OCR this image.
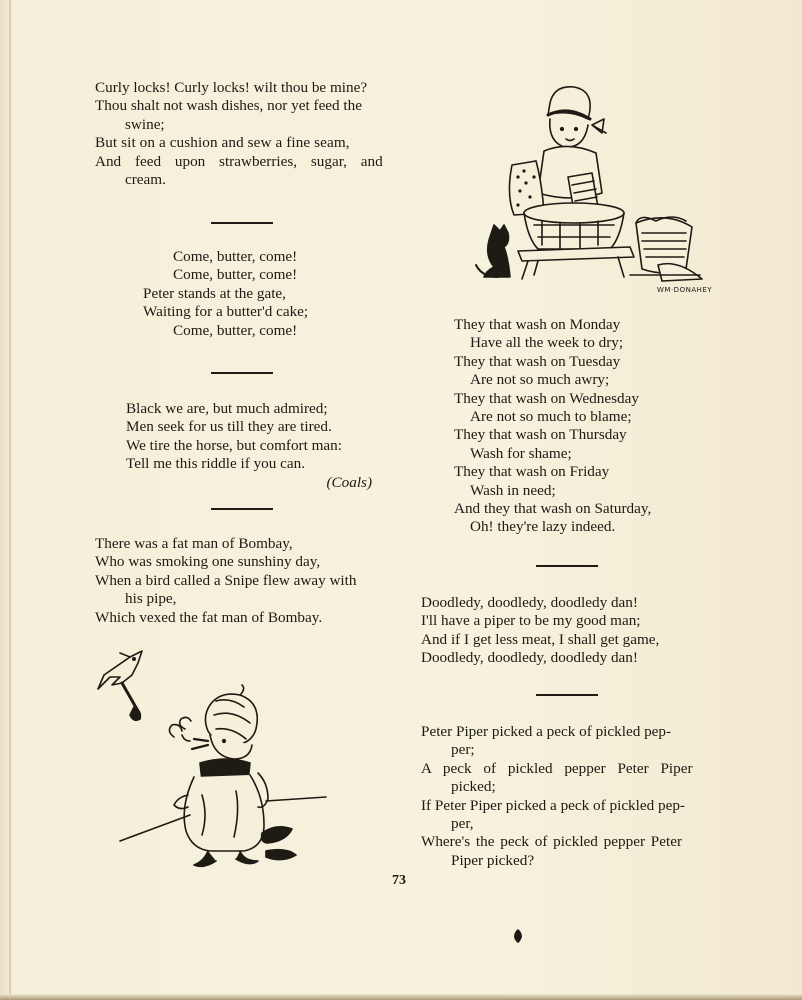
Curly locks! Curly locks! wilt thou be mine?
Thou shalt not wash dishes, nor yet feed the
swine;
But sit on a cushion and sew a fine seam,
And feed upon strawberries, sugar, and
cream.
Come, butter, come!
Come, butter, come!
Peter stands at the gate,
Waiting for a butter'd cake;
Come, butter, come!
Black we are, but much admired;
Men seek for us till they are tired.
We tire the horse, but comfort man:
Tell me this riddle if you can.
(Coals)
There was a fat man of Bombay,
Who was smoking one sunshiny day,
When a bird called a Snipe flew away with
his pipe,
Which vexed the fat man of Bombay.
WM·DONAHEY
They that wash on Monday
Have all the week to dry;
They that wash on Tuesday
Are not so much awry;
They that wash on Wednesday
Are not so much to blame;
They that wash on Thursday
Wash for shame;
They that wash on Friday
Wash in need;
And they that wash on Saturday,
Oh! they're lazy indeed.
Doodledy, doodledy, doodledy dan!
I'll have a piper to be my good man;
And if I get less meat, I shall get game,
Doodledy, doodledy, doodledy dan!
Peter Piper picked a peck of pickled pep-
per;
A peck of pickled pepper Peter Piper
picked;
If Peter Piper picked a peck of pickled pep-
per,
Where's the peck of pickled pepper Peter
Piper picked?
73
